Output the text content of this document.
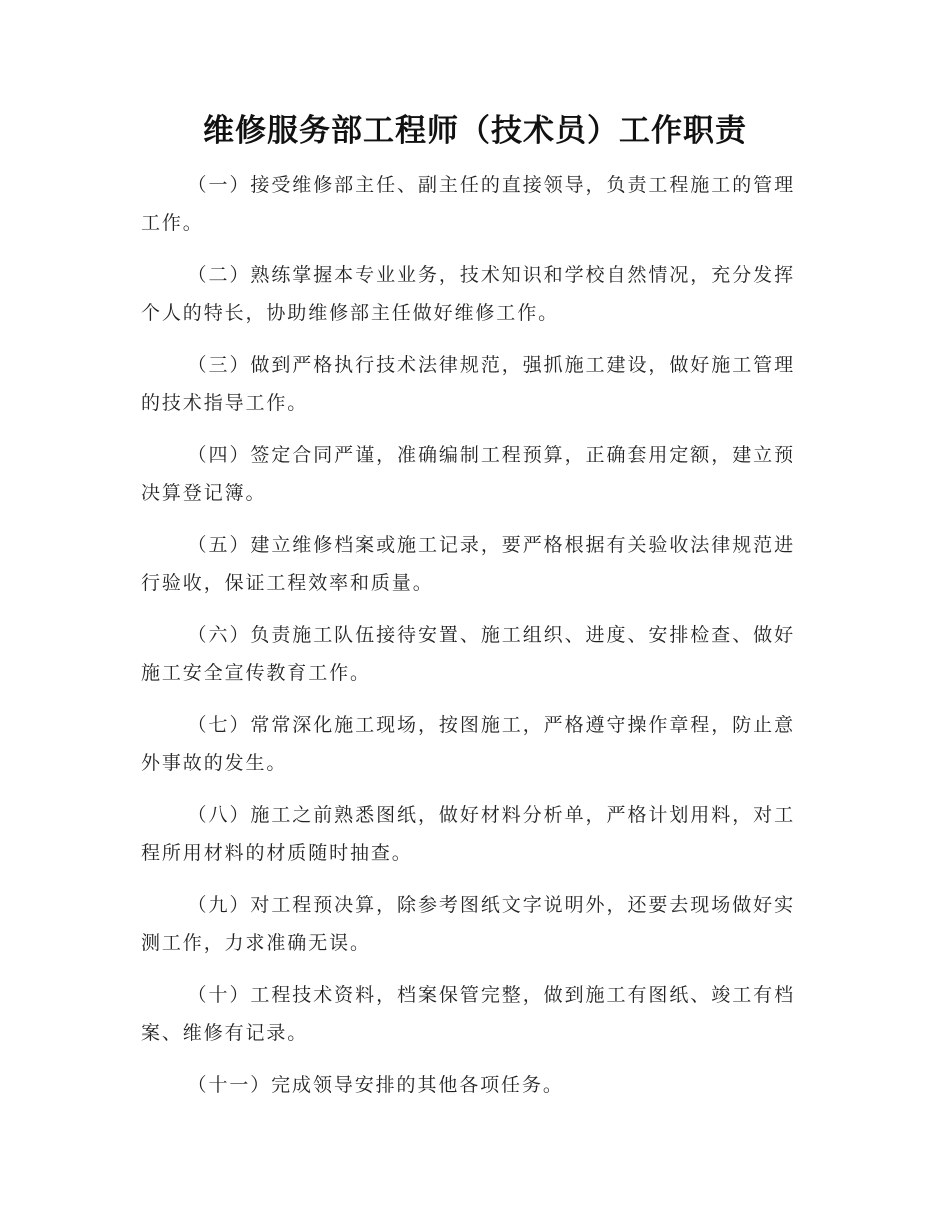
维修服务部工程师（技术员）工作职责

（一）接受维修部主任、副主任的直接领导，负责工程施工的管理工作。

（二）熟练掌握本专业业务，技术知识和学校自然情况，充分发挥个人的特长，协助维修部主任做好维修工作。

（三）做到严格执行技术法律规范，强抓施工建设，做好施工管理的技术指导工作。

（四）签定合同严谨，准确编制工程预算，正确套用定额，建立预决算登记簿。

（五）建立维修档案或施工记录，要严格根据有关验收法律规范进行验收，保证工程效率和质量。

（六）负责施工队伍接待安置、施工组织、进度、安排检查、做好施工安全宣传教育工作。

（七）常常深化施工现场，按图施工，严格遵守操作章程，防止意外事故的发生。

（八）施工之前熟悉图纸，做好材料分析单，严格计划用料，对工程所用材料的材质随时抽查。

（九）对工程预决算，除参考图纸文字说明外，还要去现场做好实测工作，力求准确无误。

（十）工程技术资料，档案保管完整，做到施工有图纸、竣工有档案、维修有记录。

（十一）完成领导安排的其他各项任务。
